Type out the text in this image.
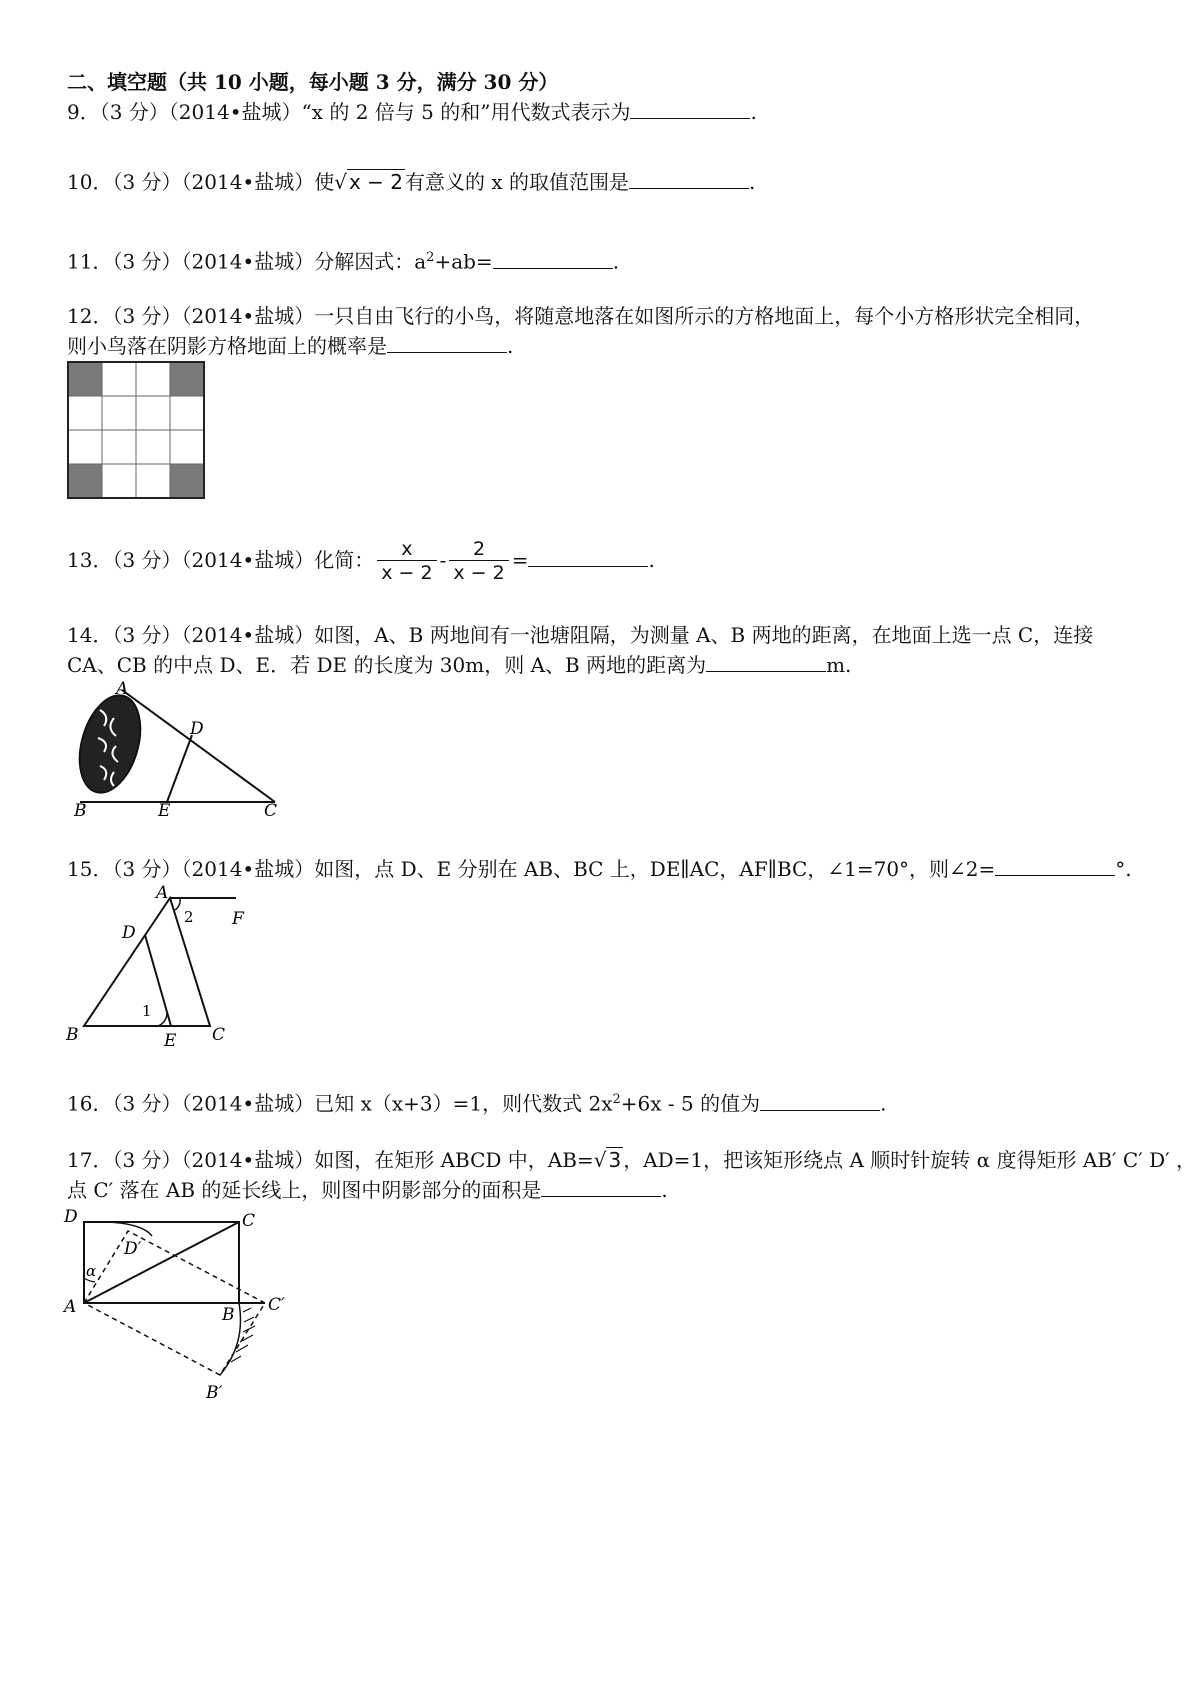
二、填空题（共 10 小题，每小题 3 分，满分 30 分）
9．（3 分）（2014•盐城）“x 的 2 倍与 5 的和”用代数式表示为	.
10．（3 分）（2014•盐城）使√ x − 2 有意义的 x 的取值范围是	.
11．（3 分）（2014•盐城）分解因式：$a^2+ab=$	.
12．（3 分）（2014•盐城）一只自由飞行的小鸟，将随意地落在如图所示的方格地面上，每个小方格形状完全相同，
则小鸟落在阴影方格地面上的概率是	.
13．（3 分）（2014•盐城）化简： $\frac{x}{x - 2} - \frac{2}{x - 2}$ =	.
14．（3 分）（2014•盐城）如图，A、B 两地间有一池塘阻隔，为测量 A、B 两地的距离，在地面上选一点 C，连接
CA、CB 的中点 D、E．若 DE 的长度为 30m，则 A、B 两地的距离为	m.
A
B	C
D
E
15．（3 分）（2014•盐城）如图，点 D、E 分别在 AB、BC 上，DE∥AC，AF∥BC，∠1=70°，则∠2=	°.
A
B	C
D
E
F
1
2
16．（3 分）（2014•盐城）已知 x（x+3）=1，则代数式 $2x^2+6x - 5$ 的值为	.
17．（3 分）（2014•盐城）如图，在矩形 ABCD 中，AB=√ 3 ，AD=1，把该矩形绕点 A 顺时针旋转 α 度得矩形 AB′ C′ D′ ，
点 C′ 落在 AB 的延长线上，则图中阴影部分的面积是	.
D	C
A	B
D′
C′
B′
α
